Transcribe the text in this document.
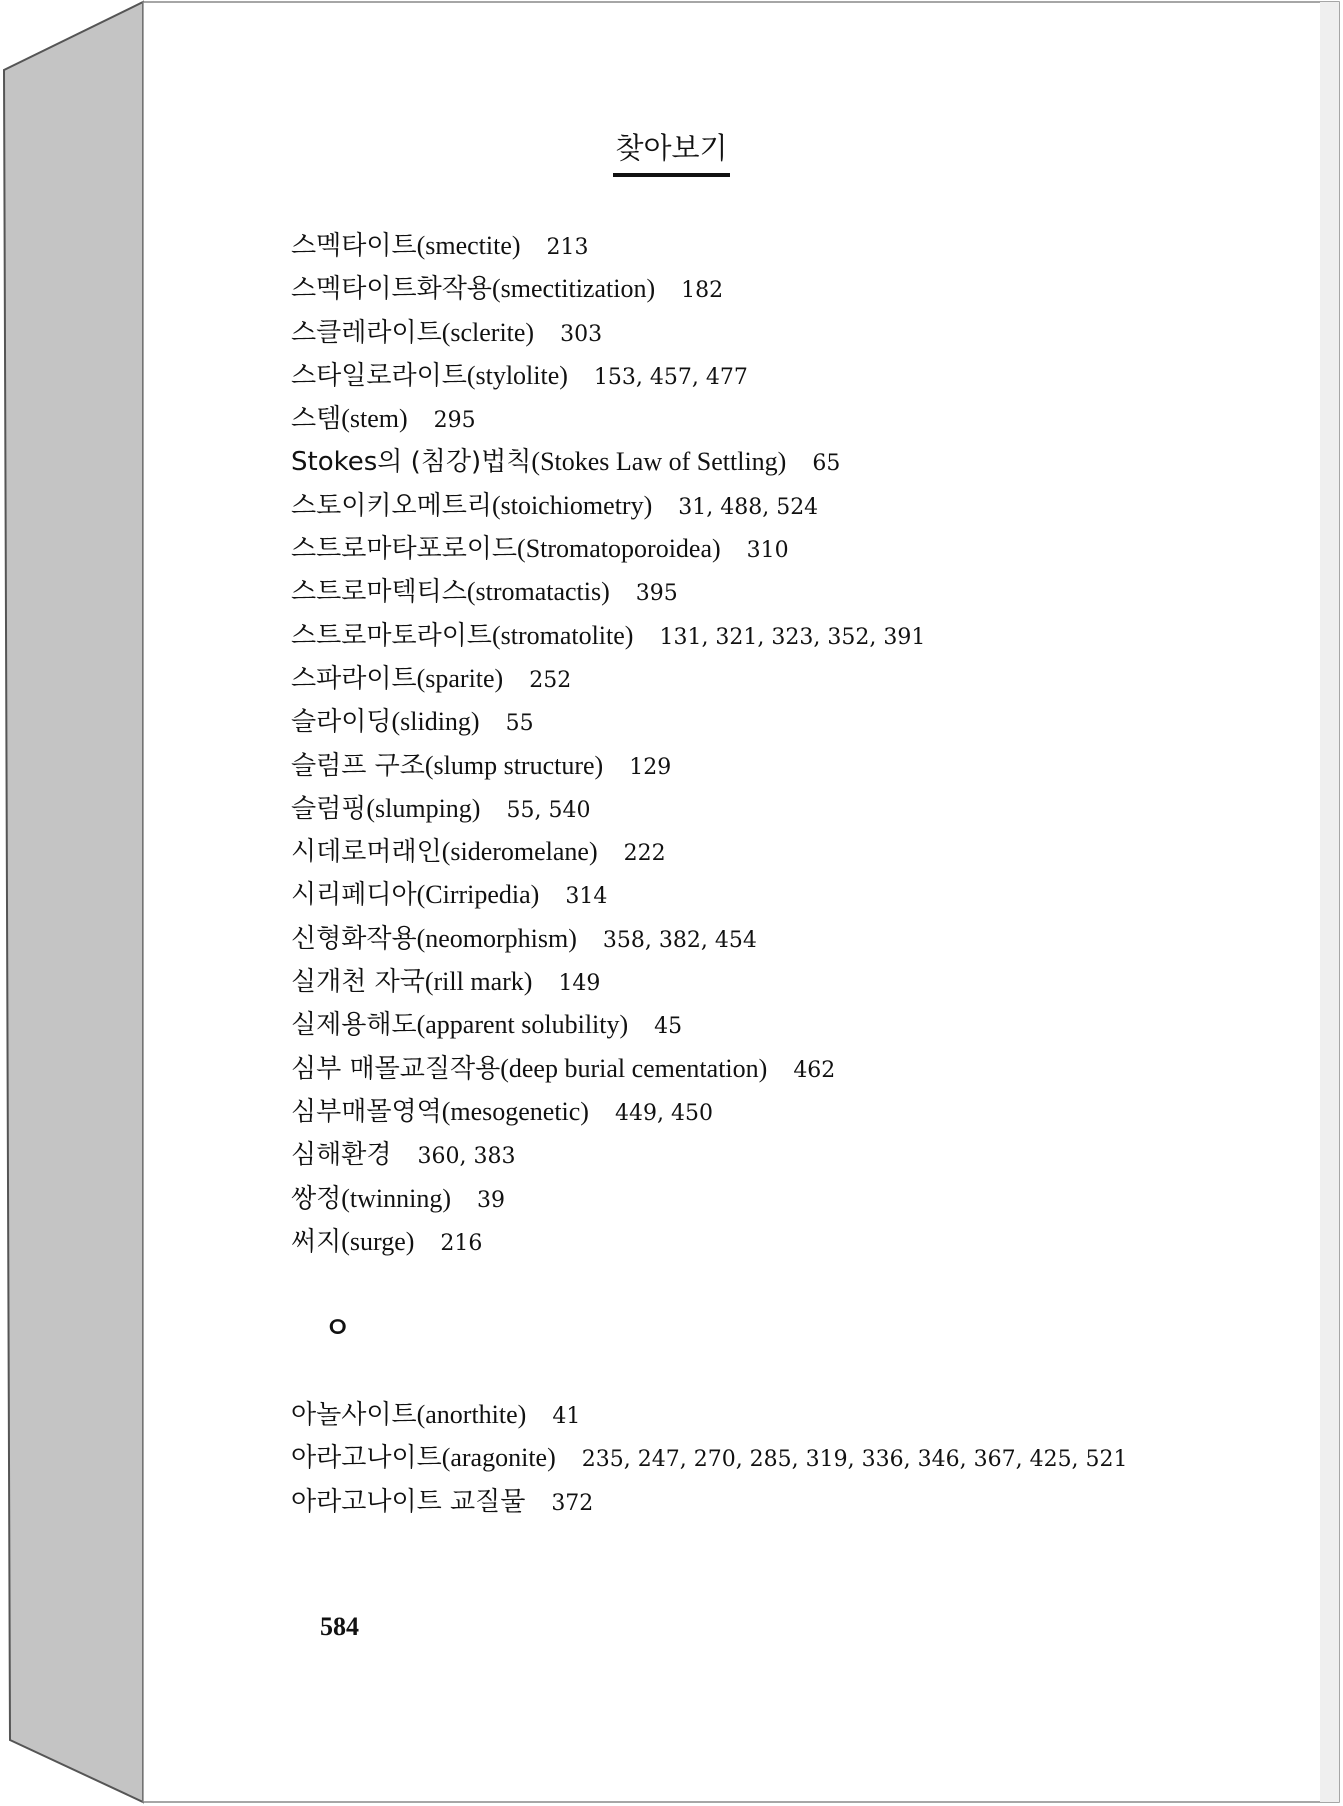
찾아보기
스멕타이트(smectite) 213
스멕타이트화작용(smectitization) 182
스클레라이트(sclerite) 303
스타일로라이트(stylolite) 153, 457, 477
스템(stem) 295
Stokes의 (침강)법칙(Stokes Law of Settling) 65
스토이키오메트리(stoichiometry) 31, 488, 524
스트로마타포로이드(Stromatoporoidea) 310
스트로마텍티스(stromatactis) 395
스트로마토라이트(stromatolite) 131, 321, 323, 352, 391
스파라이트(sparite) 252
슬라이딩(sliding) 55
슬럼프 구조(slump structure) 129
슬럼핑(slumping) 55, 540
시데로머래인(sideromelane) 222
시리페디아(Cirripedia) 314
신형화작용(neomorphism) 358, 382, 454
실개천 자국(rill mark) 149
실제용해도(apparent solubility) 45
심부 매몰교질작용(deep burial cementation) 462
심부매몰영역(mesogenetic) 449, 450
심해환경 360, 383
쌍정(twinning) 39
써지(surge) 216
ㅇ
아놀사이트(anorthite) 41
아라고나이트(aragonite) 235, 247, 270, 285, 319, 336, 346, 367, 425, 521
아라고나이트 교질물 372
584
